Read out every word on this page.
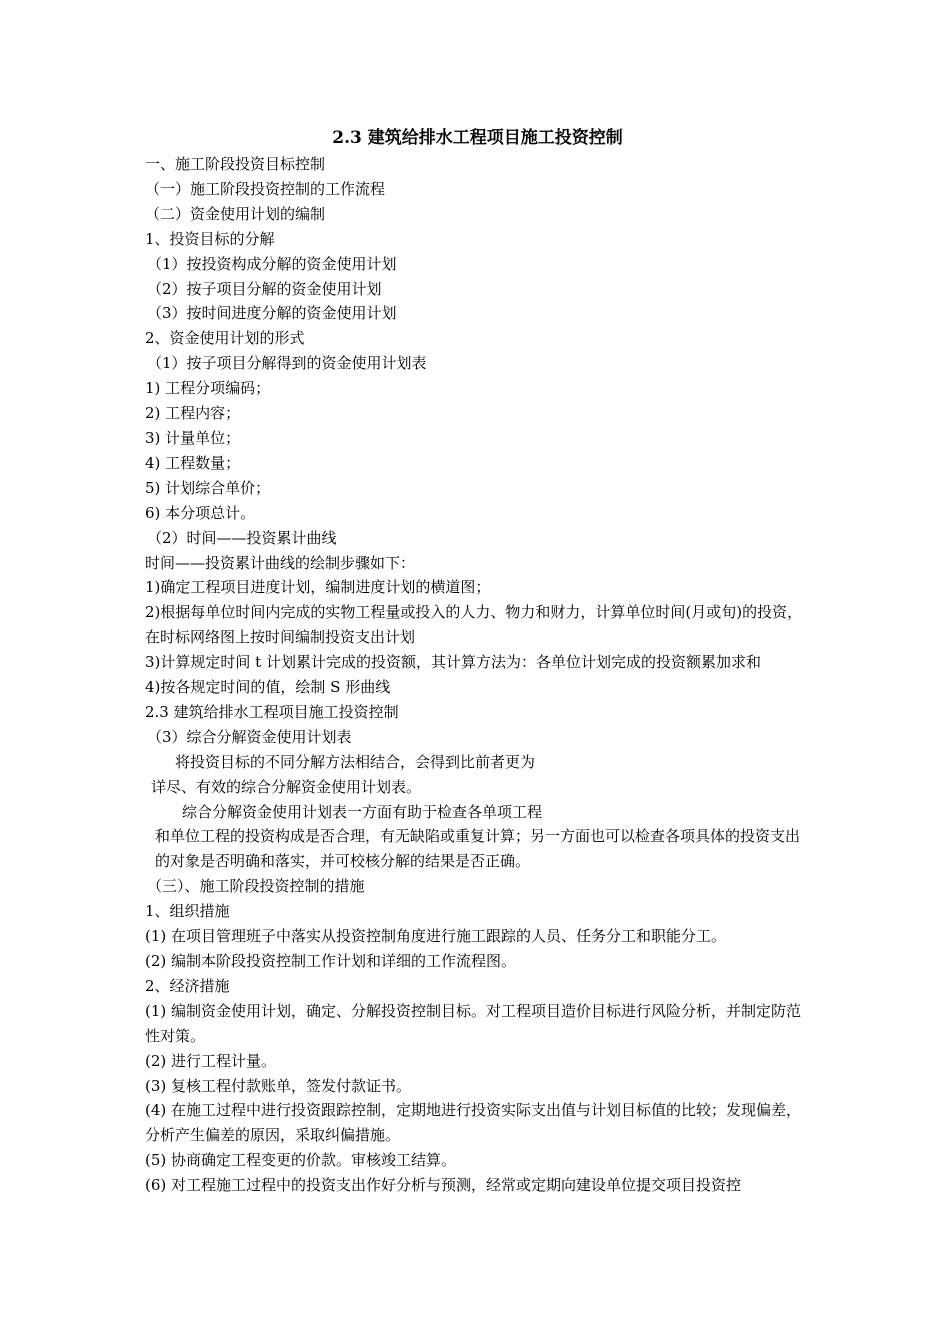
2.3 建筑给排水工程项目施工投资控制

一、施工阶段投资目标控制

（一）施工阶段投资控制的工作流程

（二）资金使用计划的编制

1、投资目标的分解

（1）按投资构成分解的资金使用计划

（2）按子项目分解的资金使用计划

（3）按时间进度分解的资金使用计划

2、资金使用计划的形式

（1）按子项目分解得到的资金使用计划表

1) 工程分项编码；

2) 工程内容；

3) 计量单位；

4) 工程数量；

5) 计划综合单价；

6) 本分项总计。

（2）时间——投资累计曲线

时间——投资累计曲线的绘制步骤如下：

1)确定工程项目进度计划，编制进度计划的横道图；

2)根据每单位时间内完成的实物工程量或投入的人力、物力和财力，计算单位时间(月或旬)的投资，在时标网络图上按时间编制投资支出计划

3)计算规定时间 t 计划累计完成的投资额，其计算方法为：各单位计划完成的投资额累加求和

4)按各规定时间的值，绘制 S 形曲线

2.3 建筑给排水工程项目施工投资控制

（3）综合分解资金使用计划表

将投资目标的不同分解方法相结合，会得到比前者更为

详尽、有效的综合分解资金使用计划表。

综合分解资金使用计划表一方面有助于检查各单项工程

和单位工程的投资构成是否合理，有无缺陷或重复计算；另一方面也可以检查各项具体的投资支出的对象是否明确和落实，并可校核分解的结果是否正确。

（三）、施工阶段投资控制的措施

1、组织措施

(1) 在项目管理班子中落实从投资控制角度进行施工跟踪的人员、任务分工和职能分工。

(2) 编制本阶段投资控制工作计划和详细的工作流程图。

2、经济措施

(1) 编制资金使用计划，确定、分解投资控制目标。对工程项目造价目标进行风险分析，并制定防范性对策。

(2) 进行工程计量。

(3) 复核工程付款账单，签发付款证书。

(4) 在施工过程中进行投资跟踪控制，定期地进行投资实际支出值与计划目标值的比较；发现偏差，分析产生偏差的原因，采取纠偏措施。

(5) 协商确定工程变更的价款。审核竣工结算。

(6) 对工程施工过程中的投资支出作好分析与预测，经常或定期向建设单位提交项目投资控
